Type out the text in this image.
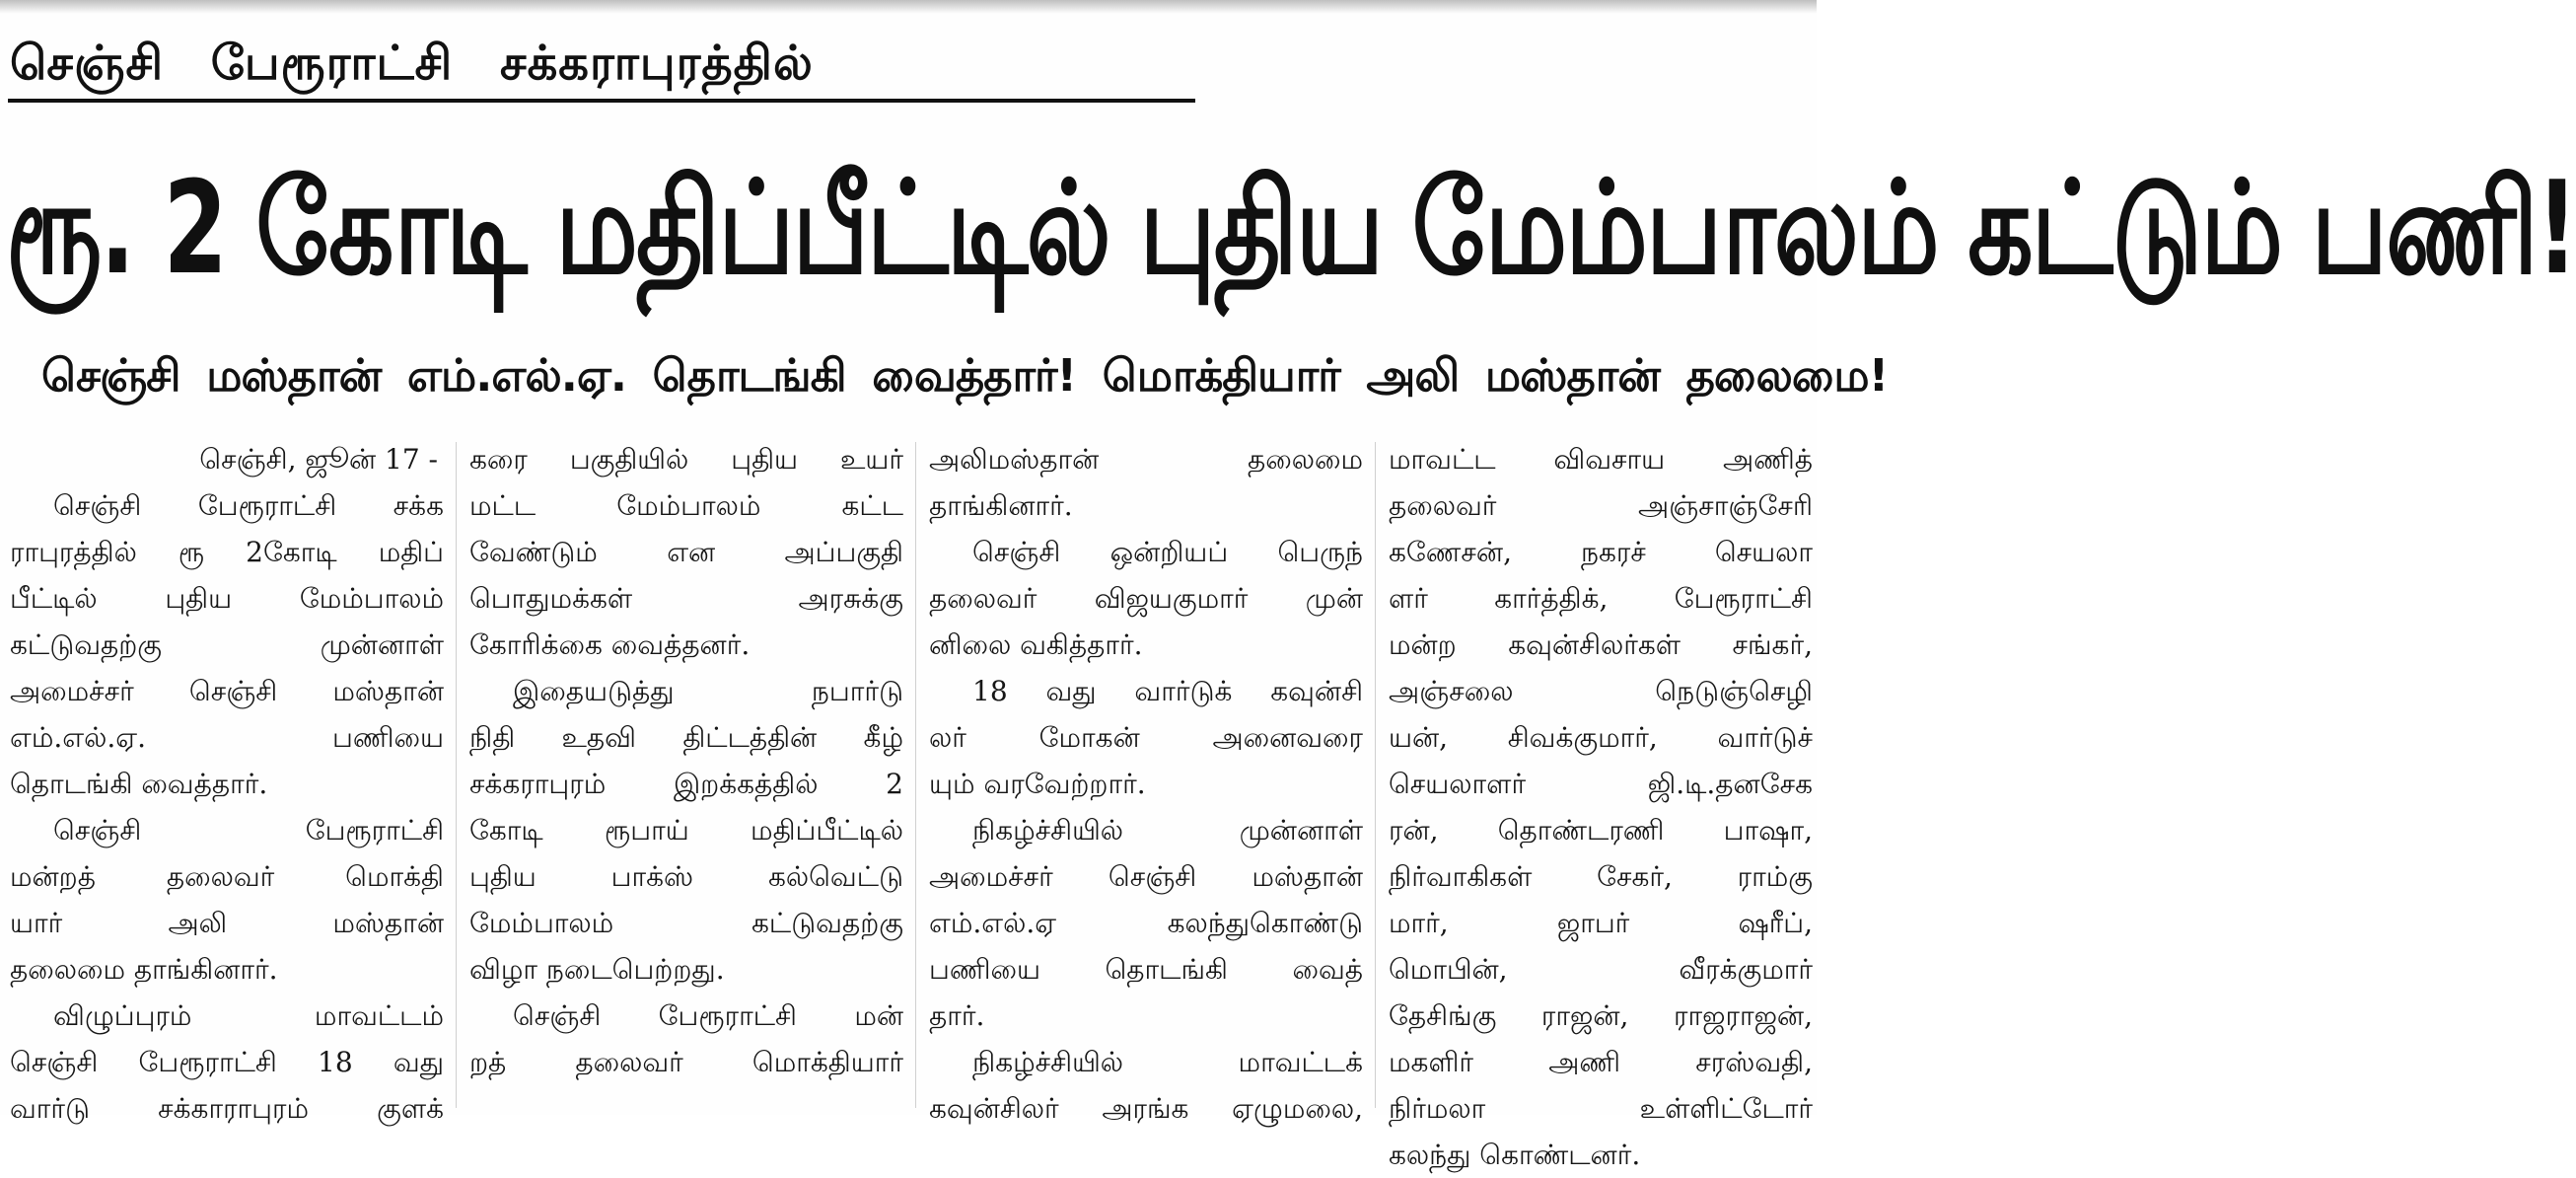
செஞ்சி பேரூராட்சி சக்கராபுரத்தில்
ரூ. 2 கோடி மதிப்பீட்டில் புதிய மேம்பாலம் கட்டும் பணி!
செஞ்சி மஸ்தான் எம்.எல்.ஏ. தொடங்கி வைத்தார்! மொக்தியார் அலி மஸ்தான் தலைமை!
செஞ்சி, ஜூன் 17 -
செஞ்சி பேரூராட்சி சக்க
ராபுரத்தில் ரூ 2கோடி மதிப்
பீட்டில் புதிய மேம்பாலம்
கட்டுவதற்கு முன்னாள்
அமைச்சர் செஞ்சி மஸ்தான்
எம்.எல்.ஏ. பணியை
தொடங்கி வைத்தார்.
செஞ்சி பேரூராட்சி
மன்றத் தலைவர் மொக்தி
யார் அலி மஸ்தான்
தலைமை தாங்கினார்.
விழுப்புரம் மாவட்டம்
செஞ்சி பேரூராட்சி 18 வது
வார்டு சக்காராபுரம் குளக்
கரை பகுதியில் புதிய உயர்
மட்ட மேம்பாலம் கட்ட
வேண்டும் என அப்பகுதி
பொதுமக்கள் அரசுக்கு
கோரிக்கை வைத்தனர்.
இதையடுத்து நபார்டு
நிதி உதவி திட்டத்தின் கீழ்
சக்கராபுரம் இறக்கத்தில் 2
கோடி ரூபாய் மதிப்பீட்டில்
புதிய பாக்ஸ் கல்வெட்டு
மேம்பாலம் கட்டுவதற்கு
விழா நடைபெற்றது.
செஞ்சி பேரூராட்சி மன்
றத் தலைவர் மொக்தியார்
அலிமஸ்தான் தலைமை
தாங்கினார்.
செஞ்சி ஒன்றியப் பெருந்
தலைவர் விஜயகுமார் முன்
னிலை வகித்தார்.
18 வது வார்டுக் கவுன்சி
லர் மோகன் அனைவரை
யும் வரவேற்றார்.
நிகழ்ச்சியில் முன்னாள்
அமைச்சர் செஞ்சி மஸ்தான்
எம்.எல்.ஏ கலந்துகொண்டு
பணியை தொடங்கி வைத்
தார்.
நிகழ்ச்சியில் மாவட்டக்
கவுன்சிலர் அரங்க ஏழுமலை,
மாவட்ட விவசாய அணித்
தலைவர் அஞ்சாஞ்சேரி
கணேசன், நகரச் செயலா
ளர் கார்த்திக், பேரூராட்சி
மன்ற கவுன்சிலர்கள் சங்கர்,
அஞ்சலை நெடுஞ்செழி
யன், சிவக்குமார், வார்டுச்
செயலாளர் ஜி.டி.தனசேக
ரன், தொண்டரணி பாஷா,
நிர்வாகிகள் சேகர், ராம்கு
மார், ஜாபர் ஷரீப்,
மொபின், வீரக்குமார்
தேசிங்கு ராஜன், ராஜராஜன்,
மகளிர் அணி சரஸ்வதி,
நிர்மலா உள்ளிட்டோர்
கலந்து கொண்டனர்.
